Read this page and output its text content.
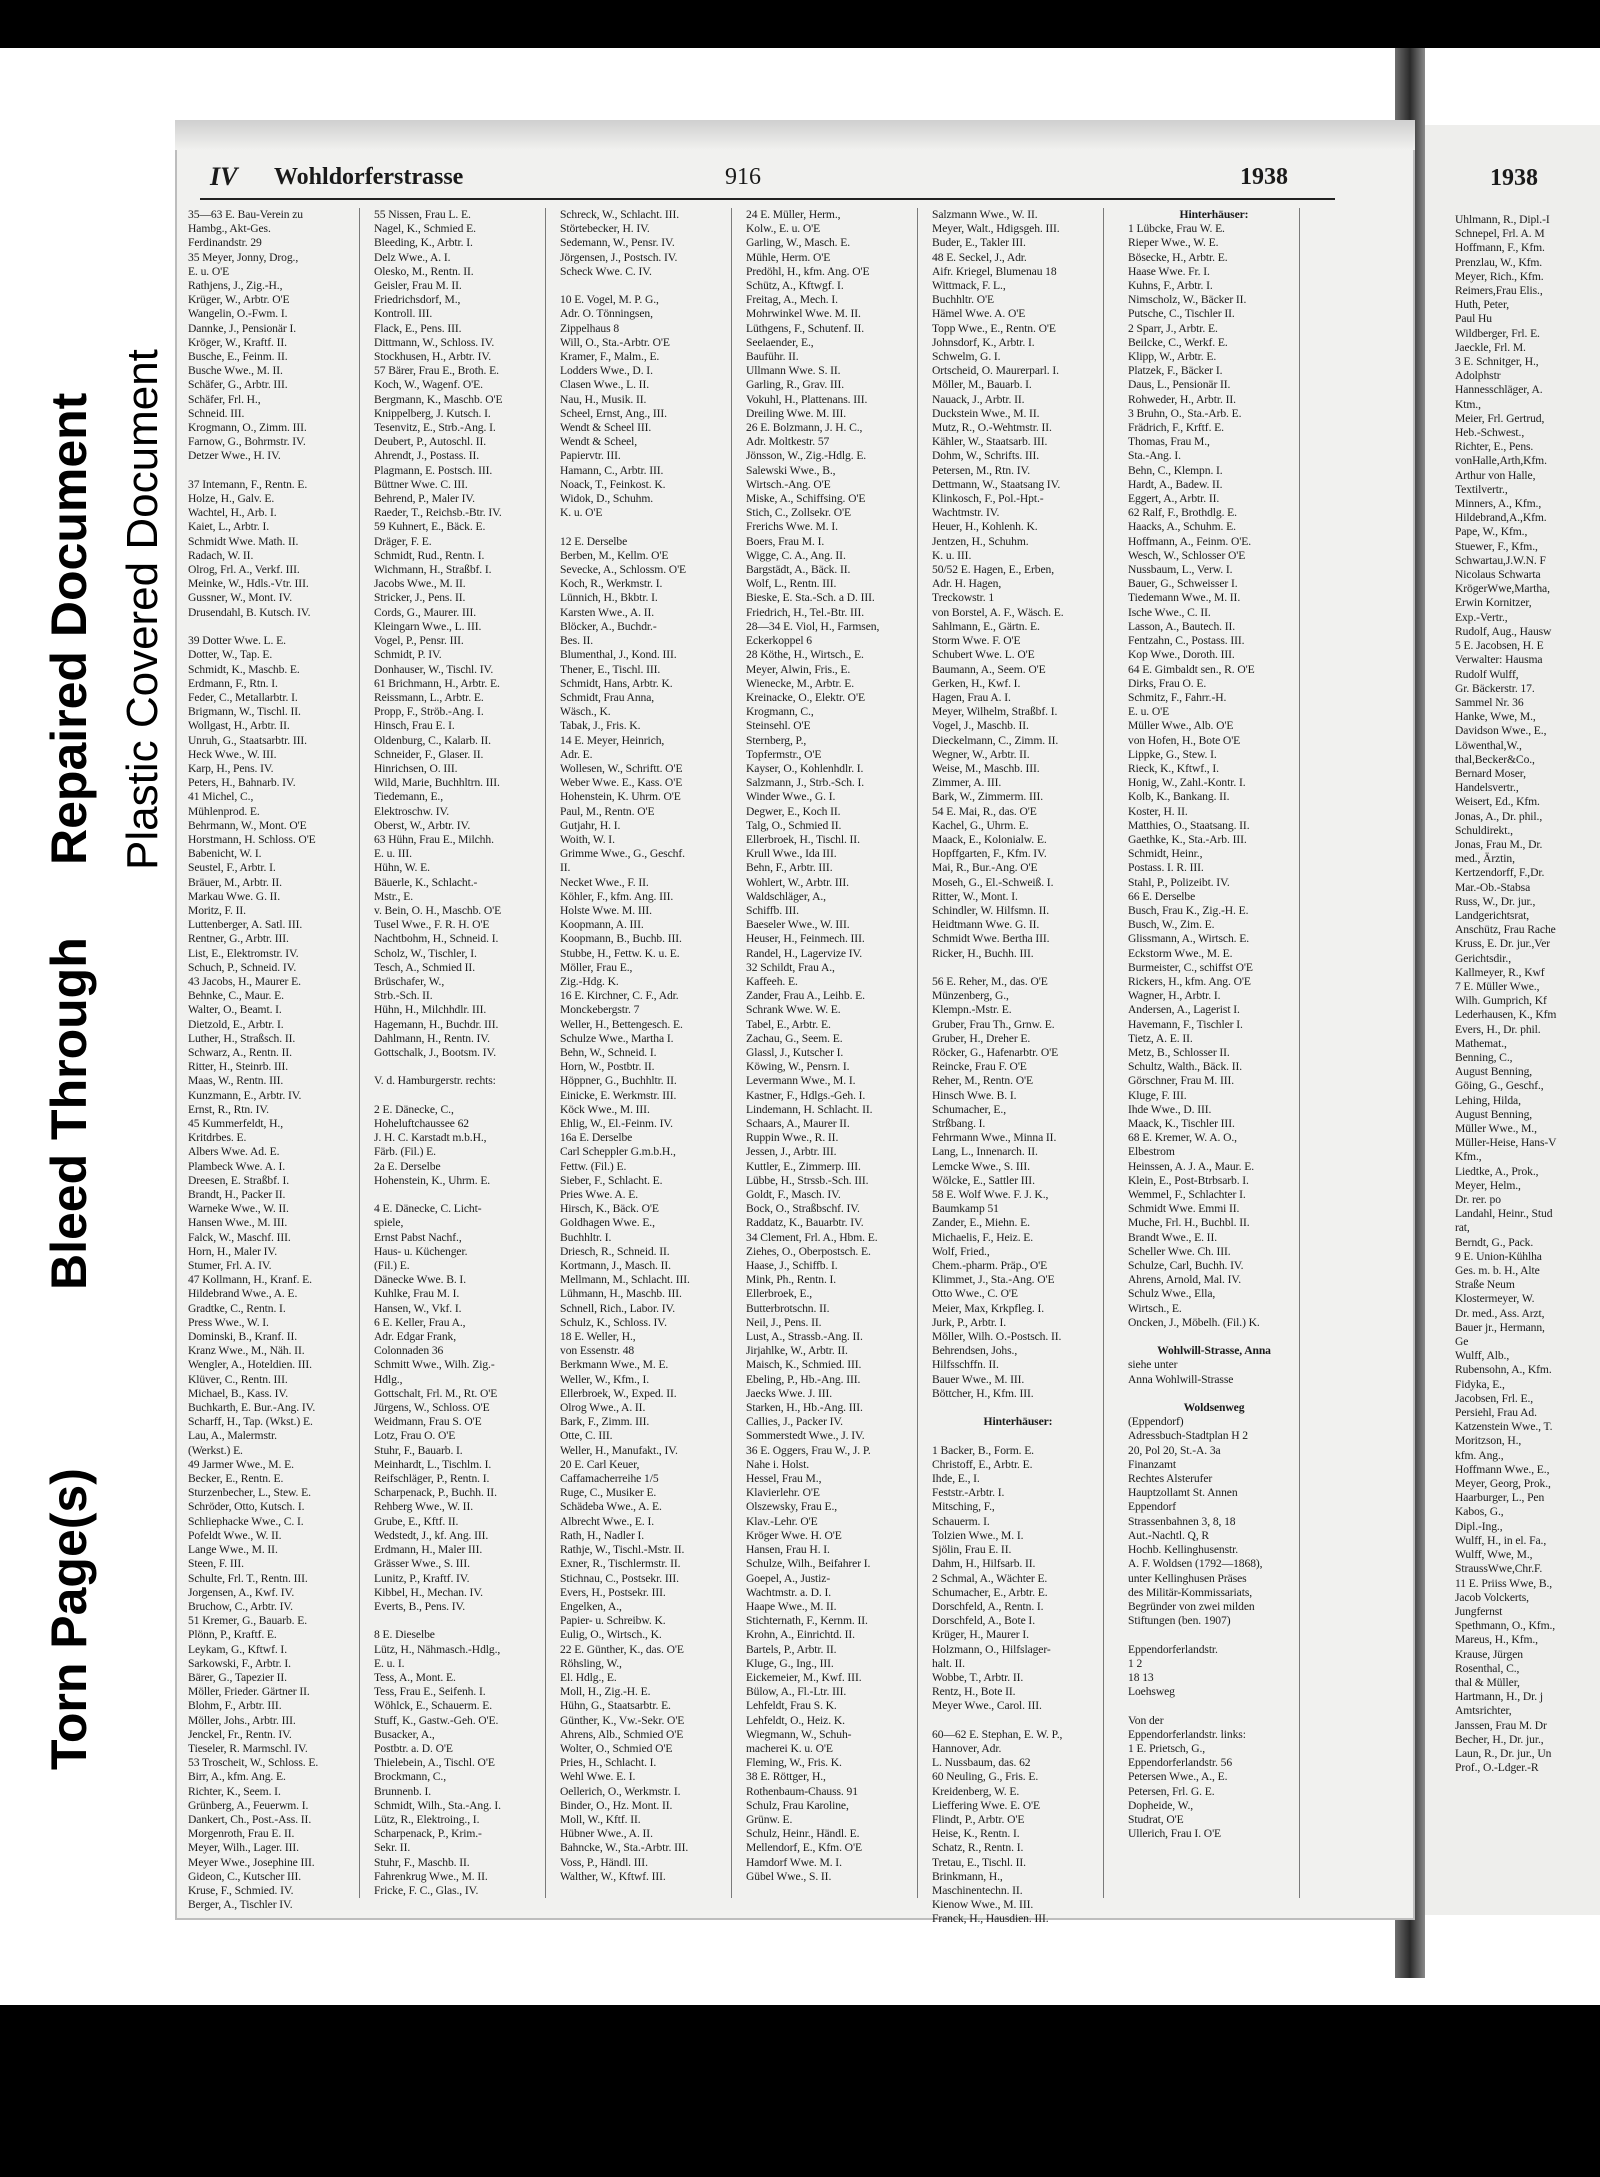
Torn Page(s)
Bleed Through
Repaired Document Plastic Covered Document
1938
Uhlmann, R., Dipl.-I
Schnepel, Frl. A. M
Hoffmann, F., Kfm.
Prenzlau, W., Kfm.
Meyer, Rich., Kfm.
Reimers,Frau Elis.,
Huth, Peter,
Paul Hu
Wildberger, Frl. E.
Jaeckle, Frl. M.
3 E. Schnitger, H.,
Adolphstr
Hannesschläger, A.
Ktm.,
Meier, Frl. Gertrud,
Heb.-Schwest.,
Richter, E., Pens.
vonHalle,Arth,Kfm.
Arthur von Halle,
Textilvertr.,
Minners, A., Kfm.,
Hildebrand,A.,Kfm.
Pape, W., Kfm.,
Stuewer, F., Kfm.,
Schwartau,J.W.N. F
Nicolaus Schwarta
KrögerWwe,Martha,
Erwin Kornitzer,
Exp.-Vertr.,
Rudolf, Aug., Hausw
5 E. Jacobsen, H. E
Verwalter: Hausma
Rudolf Wulff,
Gr. Bäckerstr. 17.
Sammel Nr. 36
Hanke, Wwe, M.,
Davidson Wwe., E.,
Löwenthal,W.,
thal,Becker&Co.,
Bernard Moser,
Handelsvertr.,
Weisert, Ed., Kfm.
Jonas, A., Dr. phil.,
Schuldirekt.,
Jonas, Frau M., Dr.
med., Ärztin,
Kertzendorff, F.,Dr.
Mar.-Ob.-Stabsa
Russ, W., Dr. jur.,
Landgerichtsrat,
Anschütz, Frau Rache
Kruss, E. Dr. jur.,Ver
Gerichtsdir.,
Kallmeyer, R., Kwf
7 E. Müller Wwe.,
Wilh. Gumprich, Kf
Lederhausen, K., Kfm
Evers, H., Dr. phil.
Mathemat.,
Benning, C.,
August Benning,
Göing, G., Geschf.,
Lehing, Hilda,
August Benning,
Müller Wwe., M.,
Müller-Heise, Hans-V
Kfm.,
Liedtke, A., Prok.,
Meyer, Helm.,
Dr. rer. po
Landahl, Heinr., Stud
rat,
Berndt, G., Pack.
9 E. Union-Kühlha
Ges. m. b. H., Alte
Straße Neum
Klostermeyer, W.
Dr. med., Ass. Arzt,
Bauer jr., Hermann,
Ge
Wulff, Alb.,
Rubensohn, A., Kfm.
Fidyka, E.,
Jacobsen, Frl. E.,
Persiehl, Frau Ad.
Katzenstein Wwe., T.
Moritzson, H.,
kfm. Ang.,
Hoffmann Wwe., E.,
Meyer, Georg, Prok.,
Haarburger, L., Pen
Kabos, G.,
Dipl.-Ing.,
Wulff, H., in el. Fa.,
Wulff, Wwe, M.,
StraussWwe,Chr.F.
11 E. Priiss Wwe, B.,
Jacob Volckerts,
Jungfernst
Spethmann, O., Kfm.,
Mareus, H., Kfm.,
Krause, Jürgen
Rosenthal, C.,
thal & Müller,
Hartmann, H., Dr. j
Amtsrichter,
Janssen, Frau M. Dr
Becher, H., Dr. jur.,
Laun, R., Dr. jur., Un
Prof., O.-Ldger.-R
IV Wohldorferstrasse	916	1938
35—63 E. Bau-Verein zu
Hambg., Akt-Ges.
Ferdinandstr. 29
35 Meyer, Jonny, Drog.,
E. u. O'E
Rathjens, J., Zig.-H.,
Krüger, W., Arbtr. O'E
Wangelin, O.-Fwm. I.
Dannke, J., Pensionär I.
Kröger, W., Kraftf. II.
Busche, E., Feinm. II.
Busche Wwe., M. II.
Schäfer, G., Arbtr. III.
Schäfer, Frl. H.,
Schneid. III.
Krogmann, O., Zimm. III.
Farnow, G., Bohrmstr. IV.
Detzer Wwe., H. IV.

37 Intemann, F., Rentn. E.
Holze, H., Galv. E.
Wachtel, H., Arb. I.
Kaiet, L., Arbtr. I.
Schmidt Wwe. Math. II.
Radach, W. II.
Olrog, Frl. A., Verkf. III.
Meinke, W., Hdls.-Vtr. III.
Gussner, W., Mont. IV.
Drusendahl, B. Kutsch. IV.

39 Dotter Wwe. L. E.
Dotter, W., Tap. E.
Schmidt, K., Maschb. E.
Erdmann, F., Rtn. I.
Feder, C., Metallarbtr. I.
Brigmann, W., Tischl. II.
Wollgast, H., Arbtr. II.
Unruh, G., Staatsarbtr. III.
Heck Wwe., W. III.
Karp, H., Pens. IV.
Peters, H., Bahnarb. IV.
41 Michel, C.,
Mühlenprod. E.
Behrmann, W., Mont. O'E
Horstmann, H. Schloss. O'E
Babenicht, W. I.
Seustel, F., Arbtr. I.
Bräuer, M., Arbtr. II.
Markau Wwe. G. II.
Moritz, F. II.
Luttenberger, A. Satl. III.
Rentner, G., Arbtr. III.
List, E., Elektromstr. IV.
Schuch, P., Schneid. IV.
43 Jacobs, H., Maurer E.
Behnke, C., Maur. E.
Walter, O., Beamt. I.
Dietzold, E., Arbtr. I.
Luther, H., Straßsch. II.
Schwarz, A., Rentn. II.
Ritter, H., Steinrb. III.
Maas, W., Rentn. III.
Kunzmann, E., Arbtr. IV.
Ernst, R., Rtn. IV.
45 Kummerfeldt, H.,
Kritdrbes. E.
Albers Wwe. Ad. E.
Plambeck Wwe. A. I.
Dreesen, E. Straßbf. I.
Brandt, H., Packer II.
Warneke Wwe., W. II.
Hansen Wwe., M. III.
Falck, W., Maschf. III.
Horn, H., Maler IV.
Stumer, Frl. A. IV.
47 Kollmann, H., Kranf. E.
Hildebrand Wwe., A. E.
Gradtke, C., Rentn. I.
Press Wwe., W. I.
Dominski, B., Kranf. II.
Kranz Wwe., M., Näh. II.
Wengler, A., Hoteldien. III.
Klüver, C., Rentn. III.
Michael, B., Kass. IV.
Buchkarth, E. Bur.-Ang. IV.
Scharff, H., Tap. (Wkst.) E.
Lau, A., Malermstr.
(Werkst.) E.
49 Jarmer Wwe., M. E.
Becker, E., Rentn. E.
Sturzenbecher, L., Stew. E.
Schröder, Otto, Kutsch. I.
Schliephacke Wwe., C. I.
Pofeldt Wwe., W. II.
Lange Wwe., M. II.
Steen, F. III.
Schulte, Frl. T., Rentn. III.
Jorgensen, A., Kwf. IV.
Bruchow, C., Arbtr. IV.
51 Kremer, G., Bauarb. E.
Plönn, P., Kraftf. E.
Leykam, G., Kftwf. I.
Sarkowski, F., Arbtr. I.
Bärer, G., Tapezier II.
Möller, Frieder. Gärtner II.
Blohm, F., Arbtr. III.
Möller, Johs., Arbtr. III.
Jenckel, Fr., Rentn. IV.
Tieseler, R. Marmschl. IV.
53 Troscheit, W., Schloss. E.
Birr, A., kfm. Ang. E.
Richter, K., Seem. I.
Grünberg, A., Feuerwm. I.
Dankert, Ch., Post.-Ass. II.
Morgenroth, Frau E. II.
Meyer, Wilh., Lager. III.
Meyer Wwe., Josephine III.
Gideon, C., Kutscher III.
Kruse, F., Schmied. IV.
Berger, A., Tischler IV.
55 Nissen, Frau L. E.
Nagel, K., Schmied E.
Bleeding, K., Arbtr. I.
Delz Wwe., A. I.
Olesko, M., Rentn. II.
Geisler, Frau M. II.
Friedrichsdorf, M.,
Kontroll. III.
Flack, E., Pens. III.
Dittmann, W., Schloss. IV.
Stockhusen, H., Arbtr. IV.
57 Bärer, Frau E., Broth. E.
Koch, W., Wagenf. O'E.
Bergmann, K., Maschb. O'E
Knippelberg, J. Kutsch. I.
Tesenvitz, E., Strb.-Ang. I.
Deubert, P., Autoschl. II.
Ahrendt, J., Postass. II.
Plagmann, E. Postsch. III.
Büttner Wwe. C. III.
Behrend, P., Maler IV.
Raeder, T., Reichsb.-Btr. IV.
59 Kuhnert, E., Bäck. E.
Dräger, F. E.
Schmidt, Rud., Rentn. I.
Wichmann, H., Straßbf. I.
Jacobs Wwe., M. II.
Stricker, J., Pens. II.
Cords, G., Maurer. III.
Kleingarn Wwe., L. III.
Vogel, P., Pensr. III.
Schmidt, P. IV.
Donhauser, W., Tischl. IV.
61 Brichmann, H., Arbtr. E.
Reissmann, L., Arbtr. E.
Propp, F., Ströb.-Ang. I.
Hinsch, Frau E. I.
Oldenburg, C., Kalarb. II.
Schneider, F., Glaser. II.
Hinrichsen, O. III.
Wild, Marie, Buchhltrn. III.
Tiedemann, E.,
Elektroschw. IV.
Oberst, W., Arbtr. IV.
63 Hühn, Frau E., Milchh.
E. u. III.
Hühn, W. E.
Bäuerle, K., Schlacht.-
Mstr., E.
v. Bein, O. H., Maschb. O'E
Tusel Wwe., F. R. H. O'E
Nachtbohm, H., Schneid. I.
Scholz, W., Tischler, I.
Tesch, A., Schmied II.
Brüschafer, W.,
Strb.-Sch. II.
Hühn, H., Milchhdlr. III.
Hagemann, H., Buchdr. III.
Dahlmann, H., Rentn. IV.
Gottschalk, J., Bootsm. IV.

V. d. Hamburgerstr. rechts:

2 E. Dänecke, C.,
Hoheluftchaussee 62
J. H. C. Karstadt m.b.H.,
Färb. (Fil.) E.
2a E. Derselbe
Hohenstein, K., Uhrm. E.

4 E. Dänecke, C. Licht-
spiele,
Ernst Pabst Nachf.,
Haus- u. Küchenger.
(Fil.) E.
Dänecke Wwe. B. I.
Kuhlke, Frau M. I.
Hansen, W., Vkf. I.
6 E. Keller, Frau A.,
Adr. Edgar Frank,
Colonnaden 36
Schmitt Wwe., Wilh. Zig.-
Hdlg.,
Gottschalt, Frl. M., Rt. O'E
Jürgens, W., Schloss. O'E
Weidmann, Frau S. O'E
Lotz, Frau O. O'E
Stuhr, F., Bauarb. I.
Meinhardt, L., Tischlm. I.
Reifschläger, P., Rentn. I.
Scharpenack, P., Buchh. II.
Rehberg Wwe., W. II.
Grube, E., Kftf. II.
Wedstedt, J., kf. Ang. III.
Erdmann, H., Maler III.
Grässer Wwe., S. III.
Lunitz, P., Kraftf. IV.
Kibbel, H., Mechan. IV.
Everts, B., Pens. IV.

8 E. Dieselbe
Lütz, H., Nähmasch.-Hdlg.,
E. u. I.
Tess, A., Mont. E.
Tess, Frau E., Seifenh. I.
Wöhlck, E., Schauerm. E.
Stuff, K., Gastw.-Geh. O'E.
Busacker, A.,
Postbtr. a. D. O'E
Thielebein, A., Tischl. O'E
Brockmann, C.,
Brunnenb. I.
Schmidt, Wilh., Sta.-Ang. I.
Lütz, R., Elektroing., I.
Scharpenack, P., Krim.-
Sekr. II.
Stuhr, F., Maschb. II.
Fahrenkrug Wwe., M. II.
Fricke, F. C., Glas., IV.
Schreck, W., Schlacht. III.
Störtebecker, H. IV.
Sedemann, W., Pensr. IV.
Jörgensen, J., Postsch. IV.
Scheck Wwe. C. IV.

10 E. Vogel, M. P. G.,
Adr. O. Tönningsen,
Zippelhaus 8
Will, O., Sta.-Arbtr. O'E
Kramer, F., Malm., E.
Lodders Wwe., D. I.
Clasen Wwe., L. II.
Nau, H., Musik. II.
Scheel, Ernst, Ang., III.
Wendt & Scheel III.
Wendt & Scheel,
Papiervtr. III.
Hamann, C., Arbtr. III.
Noack, T., Feinkost. K.
Widok, D., Schuhm.
K. u. O'E

12 E. Derselbe
Berben, M., Kellm. O'E
Sevecke, A., Schlossm. O'E
Koch, R., Werkmstr. I.
Lünnich, H., Bkbtr. I.
Karsten Wwe., A. II.
Blöcker, A., Buchdr.-
Bes. II.
Blumenthal, J., Kond. III.
Thener, E., Tischl. III.
Schmidt, Hans, Arbtr. K.
Schmidt, Frau Anna,
Wäsch., K.
Tabak, J., Fris. K.
14 E. Meyer, Heinrich,
Adr. E.
Wollesen, W., Schriftt. O'E
Weber Wwe. E., Kass. O'E
Hohenstein, K. Uhrm. O'E
Paul, M., Rentn. O'E
Gutjahr, H. I.
Woith, W. I.
Grimme Wwe., G., Geschf.
II.
Necket Wwe., F. II.
Köhler, F., kfm. Ang. III.
Holste Wwe. M. III.
Koopmann, A. III.
Koopmann, B., Buchb. III.
Stubbe, H., Fettw. K. u. E.
Möller, Frau E.,
Zig.-Hdg. K.
16 E. Kirchner, C. F., Adr.
Monckebergstr. 7
Weller, H., Bettengesch. E.
Schulze Wwe., Martha I.
Behn, W., Schneid. I.
Horn, W., Postbtr. II.
Höppner, G., Buchhltr. II.
Einicke, E. Werkmstr. III.
Köck Wwe., M. III.
Ehlig, W., El.-Feinm. IV.
16a E. Derselbe
Carl Scheppler G.m.b.H.,
Fettw. (Fil.) E.
Sieber, F., Schlacht. E.
Pries Wwe. A. E.
Hirsch, K., Bäck. O'E
Goldhagen Wwe. E.,
Buchhltr. I.
Driesch, R., Schneid. II.
Kortmann, J., Masch. II.
Mellmann, M., Schlacht. III.
Lühmann, H., Maschb. III.
Schnell, Rich., Labor. IV.
Schulz, K., Schloss. IV.
18 E. Weller, H.,
von Essenstr. 48
Berkmann Wwe., M. E.
Weller, W., Kfm., I.
Ellerbroek, W., Exped. II.
Olrog Wwe., A. II.
Bark, F., Zimm. III.
Otte, C. III.
Weller, H., Manufakt., IV.
20 E. Carl Keuer,
Caffamacherreihe 1/5
Ruge, C., Musiker E.
Schädeba Wwe., A. E.
Albrecht Wwe., E. I.
Rath, H., Nadler I.
Rathje, W., Tischl.-Mstr. II.
Exner, R., Tischlermstr. II.
Stichnau, C., Postsekr. III.
Evers, H., Postsekr. III.
Engelken, A.,
Papier- u. Schreibw. K.
Eulig, O., Wirtsch., K.
22 E. Günther, K., das. O'E
Röhsling, W.,
El. Hdlg., E.
Moll, H., Zig.-H. E.
Hühn, G., Staatsarbtr. E.
Günther, K., Vw.-Sekr. O'E
Ahrens, Alb., Schmied O'E
Wolter, O., Schmied O'E
Pries, H., Schlacht. I.
Wehl Wwe. E. I.
Oellerich, O., Werkmstr. I.
Binder, O., Hz. Mont. II.
Moll, W., Kftf. II.
Hübner Wwe., A. II.
Bahncke, W., Sta.-Arbtr. III.
Voss, P., Händl. III.
Walther, W., Kftwf. III.
24 E. Müller, Herm.,
Kolw., E. u. O'E
Garling, W., Masch. E.
Mühle, Herm. O'E
Predöhl, H., kfm. Ang. O'E
Schütz, A., Kftwgf. I.
Freitag, A., Mech. I.
Mohrwinkel Wwe. M. II.
Lüthgens, F., Schutenf. II.
Seelaender, E.,
Bauführ. II.
Ullmann Wwe. S. II.
Garling, R., Grav. III.
Vokuhl, H., Plattenans. III.
Dreiling Wwe. M. III.
26 E. Bolzmann, J. H. C.,
Adr. Moltkestr. 57
Jönsson, W., Zig.-Hdlg. E.
Salewski Wwe., B.,
Wirtsch.-Ang. O'E
Miske, A., Schiffsing. O'E
Stich, C., Zollsekr. O'E
Frerichs Wwe. M. I.
Boers, Frau M. I.
Wigge, C. A., Ang. II.
Bargstädt, A., Bäck. II.
Wolf, L., Rentn. III.
Bieske, E. Sta.-Sch. a D. III.
Friedrich, H., Tel.-Btr. III.
28—34 E. Viol, H., Farmsen,
Eckerkoppel 6
28 Köthe, H., Wirtsch., E.
Meyer, Alwin, Fris., E.
Wienecke, M., Arbtr. E.
Kreinacke, O., Elektr. O'E
Krogmann, C.,
Steinsehl. O'E
Sternberg, P.,
Topfermstr., O'E
Kayser, O., Kohlenhdlr. I.
Salzmann, J., Strb.-Sch. I.
Winder Wwe., G. I.
Degwer, E., Koch II.
Talg, O., Schmied II.
Ellerbroek, H., Tischl. II.
Krull Wwe., Ida III.
Behn, F., Arbtr. III.
Wohlert, W., Arbtr. III.
Waldschläger, A.,
Schiffb. III.
Baeseler Wwe., W. III.
Heuser, H., Feinmech. III.
Randel, H., Lagervize IV.
32 Schildt, Frau A.,
Kaffeeh. E.
Zander, Frau A., Leihb. E.
Schrank Wwe. W. E.
Tabel, E., Arbtr. E.
Zachau, G., Seem. E.
Glassl, J., Kutscher I.
Köwing, W., Pensrn. I.
Levermann Wwe., M. I.
Kastner, F., Hdlgs.-Geh. I.
Lindemann, H. Schlacht. II.
Schaars, A., Maurer II.
Ruppin Wwe., R. II.
Jessen, J., Arbtr. III.
Kuttler, E., Zimmerp. III.
Lübbe, H., Strssb.-Sch. III.
Goldt, F., Masch. IV.
Bock, O., Straßbschf. IV.
Raddatz, K., Bauarbtr. IV.
34 Clement, Frl. A., Hbm. E.
Ziehes, O., Oberpostsch. E.
Haase, J., Schiffb. I.
Mink, Ph., Rentn. I.
Ellerbroek, E.,
Butterbrotschn. II.
Neil, J., Pens. II.
Lust, A., Strassb.-Ang. II.
Jirjahlke, W., Arbtr. II.
Maisch, K., Schmied. III.
Ebeling, P., Hb.-Ang. III.
Jaecks Wwe. J. III.
Starken, H., Hb.-Ang. III.
Callies, J., Packer IV.
Sommerstedt Wwe., J. IV.
36 E. Oggers, Frau W., J. P.
Nahe i. Holst.
Hessel, Frau M.,
Klavierlehr. O'E
Olszewsky, Frau E.,
Klav.-Lehr. O'E
Kröger Wwe. H. O'E
Hansen, Frau H. I.
Schulze, Wilh., Beifahrer I.
Goepel, A., Justiz-
Wachtmstr. a. D. I.
Haape Wwe., M. II.
Stichternath, F., Kernm. II.
Krohn, A., Einrichtd. II.
Bartels, P., Arbtr. II.
Kluge, G., Ing., III.
Eickemeier, M., Kwf. III.
Bülow, A., Fl.-Ltr. III.
Lehfeldt, Frau S. K.
Lehfeldt, O., Heiz. K.
Wiegmann, W., Schuh-
macherei K. u. O'E
Fleming, W., Fris. K.
38 E. Röttger, H.,
Rothenbaum-Chauss. 91
Schulz, Frau Karoline,
Grünw. E.
Schulz, Heinr., Händl. E.
Mellendorf, E., Kfm. O'E
Hamdorf Wwe. M. I.
Gübel Wwe., S. II.
Salzmann Wwe., W. II.
Meyer, Walt., Hdigsgeh. III.
Buder, E., Takler III.
48 E. Seckel, J., Adr.
Aifr. Kriegel, Blumenau 18
Wittmack, F. L.,
Buchhltr. O'E
Hämel Wwe. A. O'E
Topp Wwe., E., Rentn. O'E
Johnsdorf, K., Arbtr. I.
Schwelm, G. I.
Ortscheid, O. Maurerparl. I.
Möller, M., Bauarb. I.
Nauack, J., Arbtr. II.
Duckstein Wwe., M. II.
Mutz, R., O.-Wehtmstr. II.
Kähler, W., Staatsarb. III.
Dohm, W., Schrifts. III.
Petersen, M., Rtn. IV.
Dettmann, W., Staatsang IV.
Klinkosch, F., Pol.-Hpt.-
Wachtmstr. IV.
Heuer, H., Kohlenh. K.
Jentzen, H., Schuhm.
K. u. III.
50/52 E. Hagen, E., Erben,
Adr. H. Hagen,
Treckowstr. 1
von Borstel, A. F., Wäsch. E.
Sahlmann, E., Gärtn. E.
Storm Wwe. F. O'E
Schubert Wwe. L. O'E
Baumann, A., Seem. O'E
Gerken, H., Kwf. I.
Hagen, Frau A. I.
Meyer, Wilhelm, Straßbf. I.
Vogel, J., Maschb. II.
Dieckelmann, C., Zimm. II.
Wegner, W., Arbtr. II.
Weise, M., Maschb. III.
Zimmer, A. III.
Bark, W., Zimmerm. III.
54 E. Mai, R., das. O'E
Kachel, G., Uhrm. E.
Maack, E., Kolonialw. E.
Hopffgarten, F., Kfm. IV.
Mai, R., Bur.-Ang. O'E
Moseh, G., El.-Schweiß. I.
Ritter, W., Mont. I.
Schindler, W. Hilfsmn. II.
Heidtmann Wwe. G. II.
Schmidt Wwe. Bertha III.
Ricker, H., Buchh. III.

56 E. Reher, M., das. O'E
Münzenberg, G.,
Klempn.-Mstr. E.
Gruber, Frau Th., Grnw. E.
Gruber, H., Dreher E.
Röcker, G., Hafenarbtr. O'E
Reincke, Frau F. O'E
Reher, M., Rentn. O'E
Hinsch Wwe. B. I.
Schumacher, E.,
Strßbang. I.
Fehrmann Wwe., Minna II.
Lang, L., Innenarch. II.
Lemcke Wwe., S. III.
Wölcke, E., Sattler III.
58 E. Wolf Wwe. F. J. K.,
Baumkamp 51
Zander, E., Miehn. E.
Michaelis, F., Heiz. E.
Wolf, Fried.,
Chem.-pharm. Präp., O'E
Klimmet, J., Sta.-Ang. O'E
Otto Wwe., C. O'E
Meier, Max, Krkpfleg. I.
Jurk, P., Arbtr. I.
Möller, Wilh. O.-Postsch. II.
Behrendsen, Johs.,
Hilfsschffn. II.
Bauer Wwe., M. III.
Böttcher, H., Kfm. III.

Hinterhäuser:

1 Backer, B., Form. E.
Christoff, E., Arbtr. E.
Ihde, E., I.
Feststr.-Arbtr. I.
Mitsching, F.,
Schauerm. I.
Tolzien Wwe., M. I.
Sjölin, Frau E. II.
Dahm, H., Hilfsarb. II.
2 Schmal, A., Wächter E.
Schumacher, E., Arbtr. E.
Dorschfeld, A., Rentn. I.
Dorschfeld, A., Bote I.
Krüger, H., Maurer I.
Holzmann, O., Hilfslager-
halt. II.
Wobbe, T., Arbtr. II.
Rentz, H., Bote II.
Meyer Wwe., Carol. III.

60—62 E. Stephan, E. W. P.,
Hannover, Adr.
L. Nussbaum, das. 62
60 Neuling, G., Fris. E.
Kreidenberg, W. E.
Lieffering Wwe. E. O'E
Flindt, P., Arbtr. O'E
Heise, K., Rentn. I.
Schatz, R., Rentn. I.
Tretau, E., Tischl. II.
Brinkmann, H.,
Maschinentechn. II.
Kienow Wwe., M. III.
Franck, H., Hausdien. III.
Hinterhäuser:
1 Lübcke, Frau W. E.
Rieper Wwe., W. E.
Bösecke, H., Arbtr. E.
Haase Wwe. Fr. I.
Kuhns, F., Arbtr. I.
Nimscholz, W., Bäcker II.
Putsche, C., Tischler II.
2 Sparr, J., Arbtr. E.
Beilcke, C., Werkf. E.
Klipp, W., Arbtr. E.
Platzek, F., Bäcker I.
Daus, L., Pensionär II.
Rohweder, H., Arbtr. II.
3 Bruhn, O., Sta.-Arb. E.
Frädrich, F., Krftf. E.
Thomas, Frau M.,
Sta.-Ang. I.
Behn, C., Klempn. I.
Hardt, A., Badew. II.
Eggert, A., Arbtr. II.
62 Ralf, F., Brothdlg. E.
Haacks, A., Schuhm. E.
Hoffmann, A., Feinm. O'E.
Wesch, W., Schlosser O'E
Nussbaum, L., Verw. I.
Bauer, G., Schweisser I.
Tiedemann Wwe., M. II.
Ische Wwe., C. II.
Lasson, A., Bautech. II.
Fentzahn, C., Postass. III.
Kop Wwe., Doroth. III.
64 E. Gimbaldt sen., R. O'E
Dirks, Frau O. E.
Schmitz, F., Fahrr.-H.
E. u. O'E
Müller Wwe., Alb. O'E
von Hofen, H., Bote O'E
Lippke, G., Stew. I.
Rieck, K., Kftwf., I.
Honig, W., Zahl.-Kontr. I.
Kolb, K., Bankang. II.
Koster, H. II.
Matthies, O., Staatsang. II.
Gaethke, K., Sta.-Arb. III.
Schmidt, Heinr.,
Postass. I. R. III.
Stahl, P., Polizeibt. IV.
66 E. Derselbe
Busch, Frau K., Zig.-H. E.
Busch, W., Zim. E.
Glissmann, A., Wirtsch. E.
Eckstorm Wwe., M. E.
Burmeister, C., schiffst O'E
Rickers, H., kfm. Ang. O'E
Wagner, H., Arbtr. I.
Andersen, A., Lagerist I.
Havemann, F., Tischler I.
Tietz, A. E. II.
Metz, B., Schlosser II.
Schultz, Walth., Bäck. II.
Görschner, Frau M. III.
Kluge, F. III.
Ihde Wwe., D. III.
Maack, K., Tischler III.
68 E. Kremer, W. A. O.,
Elbestrom
Heinssen, A. J. A., Maur. E.
Klein, E., Post-Btrbsarb. I.
Wemmel, F., Schlachter I.
Schmidt Wwe. Emmi II.
Muche, Frl. H., Buchbl. II.
Brandt Wwe., E. II.
Scheller Wwe. Ch. III.
Schulze, Carl, Buchh. IV.
Ahrens, Arnold, Mal. IV.
Schulz Wwe., Ella,
Wirtsch., E.
Oncken, J., Möbelh. (Fil.) K.

Wohlwill-Strasse, Anna
siehe unter
Anna Wohlwill-Strasse

Woldsenweg
(Eppendorf)
Adressbuch-Stadtplan H 2
20, Pol 20, St.-A. 3a
Finanzamt
Rechtes Alsterufer
Hauptzollamt St. Annen
Eppendorf
Strassenbahnen 3, 8, 18
Aut.-Nachtl. Q, R
Hochb. Kellinghusenstr.
A. F. Woldsen (1792—1868),
unter Kellinghusen Präses
des Militär-Kommissariats,
Begründer von zwei milden
Stiftungen (ben. 1907)

Eppendorferlandstr.
1 2
18 13
Loehsweg

Von der
Eppendorferlandstr. links:
1 E. Prietsch, G.,
Eppendorferlandstr. 56
Petersen Wwe., A., E.
Petersen, Frl. G. E.
Dopheide, W.,
Studrat, O'E
Ullerich, Frau I. O'E
